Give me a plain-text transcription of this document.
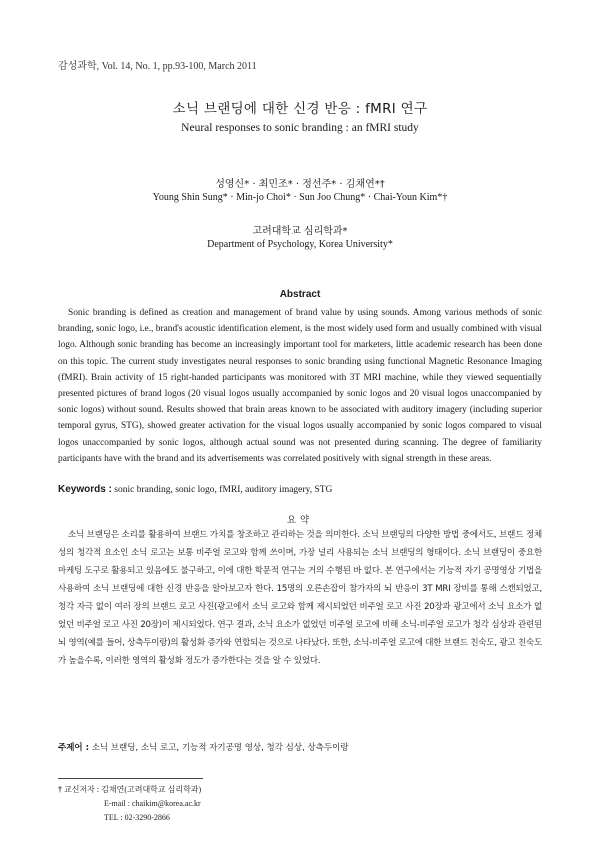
감성과학, Vol. 14, No. 1, pp.93-100, March 2011
소닉 브랜딩에 대한 신경 반응 : fMRI 연구
Neural responses to sonic branding : an fMRI study
성영신* · 최민조* · 정선주* · 김채연*†
Young Shin Sung* · Min-jo Choi* · Sun Joo Chung* · Chai-Youn Kim*†
고려대학교 심리학과*
Department of Psychology, Korea University*
Abstract

Sonic branding is defined as creation and management of brand value by using sounds. Among various methods of sonic branding, sonic logo, i.e., brand's acoustic identification element, is the most widely used form and usually combined with visual logo. Although sonic branding has become an increasingly important tool for marketers, little academic research has been done on this topic. The current study investigates neural responses to sonic branding using functional Magnetic Resonance Imaging (fMRI). Brain activity of 15 right-handed participants was monitored with 3T MRI machine, while they viewed sequentially presented pictures of brand logos (20 visual logos usually accompanied by sonic logos and 20 visual logos unaccompanied by sonic logos) without sound. Results showed that brain areas known to be associated with auditory imagery (including superior temporal gyrus, STG), showed greater activation for the visual logos usually accompanied by sonic logos compared to visual logos unaccompanied by sonic logos, although actual sound was not presented during scanning. The degree of familiarity participants have with the brand and its advertisements was correlated positively with signal strength in these areas.

Keywords : sonic branding, sonic logo, fMRI, auditory imagery, STG
요약

소닉 브랜딩은 소리를 활용하여 브랜드 가치를 창조하고 관리하는 것을 의미한다. 소닉 브랜딩의 다양한 방법 중에서도, 브랜드 정체성의 청각적 요소인 소닉 로고는 보통 비주얼 로고와 함께 쓰이며, 가장 널리 사용되는 소닉 브랜딩의 형태이다. 소닉 브랜딩이 중요한 마케팅 도구로 활용되고 있음에도 불구하고, 이에 대한 학문적 연구는 거의 수행된 바 없다. 본 연구에서는 기능적 자기 공명영상 기법을 사용하여 소닉 브랜딩에 대한 신경 반응을 알아보고자 한다. 15명의 오른손잡이 참가자의 뇌 반응이 3T MRI 장비를 통해 스캔되었고, 청각 자극 없이 여러 장의 브랜드 로고 사진(광고에서 소닉 로고와 함께 제시되었던 비주얼 로고 사진 20장과 광고에서 소닉 요소가 없었던 비주얼 로고 사진 20장)이 제시되었다. 연구 결과, 소닉 요소가 없었던 비주얼 로고에 비해 소닉-비주얼 로고가 청각 심상과 관련된 뇌 영역(예를 들어, 상측두이랑)의 활성화 증가와 연합되는 것으로 나타났다. 또한, 소닉-비주얼 로고에 대한 브랜드 친숙도, 광고 친숙도가 높을수록, 이러한 영역의 활성화 정도가 증가한다는 것을 알 수 있었다.

주제어 : 소닉 브랜딩, 소닉 로고, 기능적 자기공명 영상, 청각 심상, 상측두이랑
† 교신저자 : 김채연(고려대학교 심리학과)
E-mail : chaikim@korea.ac.kr
TEL : 02-3290-2866
